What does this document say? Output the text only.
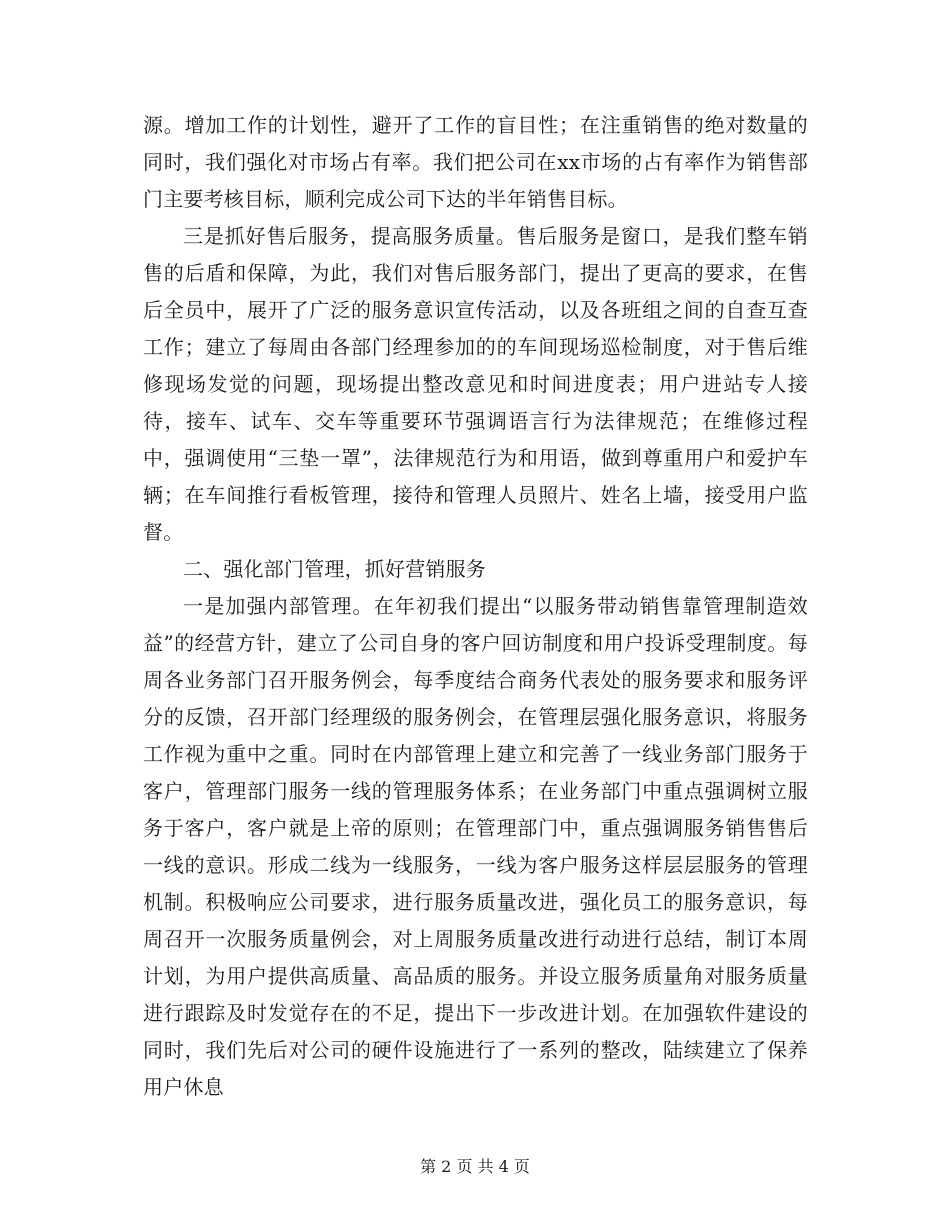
源。增加工作的计划性，避开了工作的盲目性；在注重销售的绝对数量的同时，我们强化对市场占有率。我们把公司在xx市场的占有率作为销售部门主要考核目标，顺利完成公司下达的半年销售目标。

三是抓好售后服务，提高服务质量。售后服务是窗口，是我们整车销售的后盾和保障，为此，我们对售后服务部门，提出了更高的要求，在售后全员中，展开了广泛的服务意识宣传活动，以及各班组之间的自查互查工作；建立了每周由各部门经理参加的的车间现场巡检制度，对于售后维修现场发觉的问题，现场提出整改意见和时间进度表；用户进站专人接待，接车、试车、交车等重要环节强调语言行为法律规范；在维修过程中，强调使用“三垫一罩”，法律规范行为和用语，做到尊重用户和爱护车辆；在车间推行看板管理，接待和管理人员照片、姓名上墙，接受用户监督。

二、强化部门管理，抓好营销服务

一是加强内部管理。在年初我们提出“以服务带动销售靠管理制造效益”的经营方针，建立了公司自身的客户回访制度和用户投诉受理制度。每周各业务部门召开服务例会，每季度结合商务代表处的服务要求和服务评分的反馈，召开部门经理级的服务例会，在管理层强化服务意识，将服务工作视为重中之重。同时在内部管理上建立和完善了一线业务部门服务于客户，管理部门服务一线的管理服务体系；在业务部门中重点强调树立服务于客户，客户就是上帝的原则；在管理部门中，重点强调服务销售售后一线的意识。形成二线为一线服务，一线为客户服务这样层层服务的管理机制。积极响应公司要求，进行服务质量改进，强化员工的服务意识，每周召开一次服务质量例会，对上周服务质量改进行动进行总结，制订本周计划，为用户提供高质量、高品质的服务。并设立服务质量角对服务质量进行跟踪及时发觉存在的不足，提出下一步改进计划。在加强软件建设的同时，我们先后对公司的硬件设施进行了一系列的整改，陆续建立了保养用户休息

第 2 页 共 4 页
